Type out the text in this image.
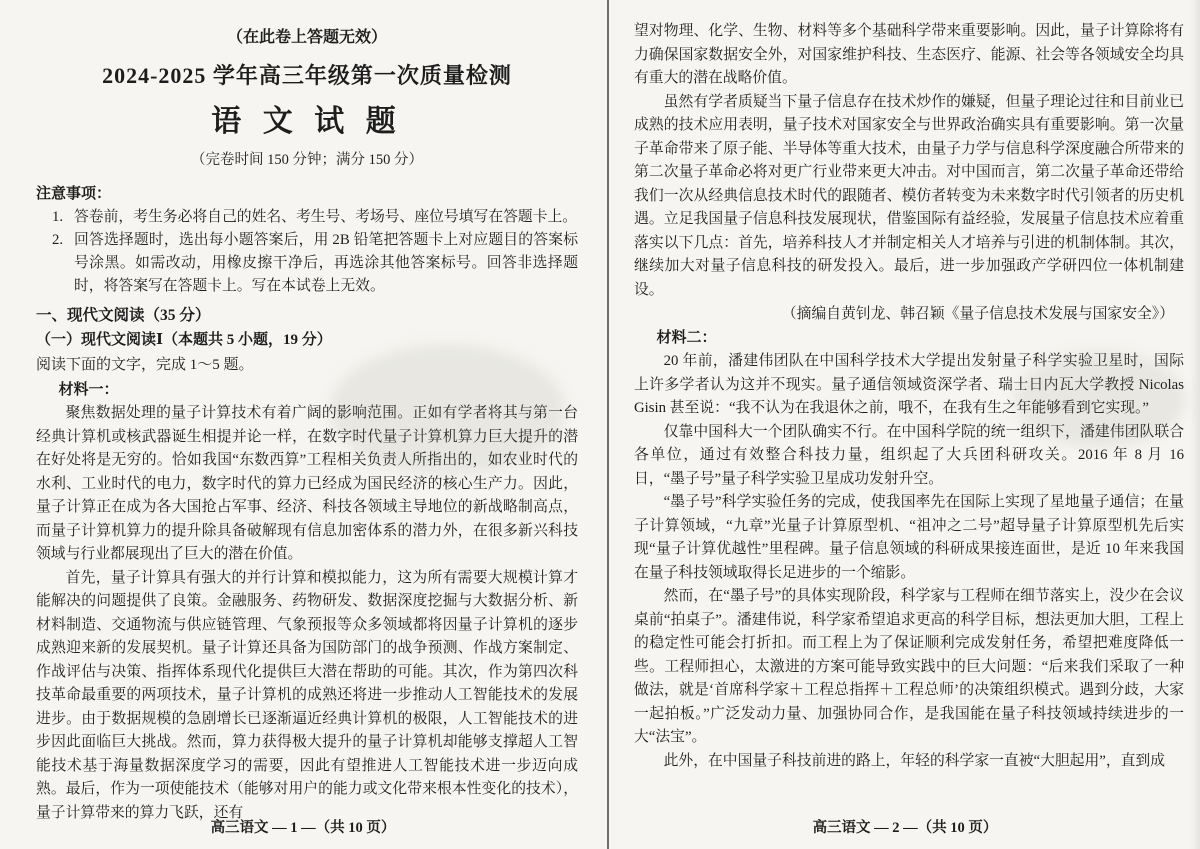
（在此卷上答题无效）
2024-2025 学年高三年级第一次质量检测
语 文 试 题
（完卷时间 150 分钟；满分 150 分）
注意事项：
1. 答卷前，考生务必将自己的姓名、考生号、考场号、座位号填写在答题卡上。
2. 回答选择题时，选出每小题答案后，用 2B 铅笔把答题卡上对应题目的答案标号涂黑。如需改动，用橡皮擦干净后，再选涂其他答案标号。回答非选择题时，将答案写在答题卡上。写在本试卷上无效。
一、现代文阅读（35 分）
（一）现代文阅读Ⅰ（本题共 5 小题，19 分）
阅读下面的文字，完成 1～5 题。
材料一：

聚焦数据处理的量子计算技术有着广阔的影响范围。正如有学者将其与第一台经典计算机或核武器诞生相提并论一样，在数字时代量子计算机算力巨大提升的潜在好处将是无穷的。恰如我国“东数西算”工程相关负责人所指出的，如农业时代的水利、工业时代的电力，数字时代的算力已经成为国民经济的核心生产力。因此，量子计算正在成为各大国抢占军事、经济、科技各领域主导地位的新战略制高点，而量子计算机算力的提升除具备破解现有信息加密体系的潜力外，在很多新兴科技领域与行业都展现出了巨大的潜在价值。

首先，量子计算具有强大的并行计算和模拟能力，这为所有需要大规模计算才能解决的问题提供了良策。金融服务、药物研发、数据深度挖掘与大数据分析、新材料制造、交通物流与供应链管理、气象预报等众多领域都将因量子计算机的逐步成熟迎来新的发展契机。量子计算还具备为国防部门的战争预测、作战方案制定、作战评估与决策、指挥体系现代化提供巨大潜在帮助的可能。其次，作为第四次科技革命最重要的两项技术，量子计算机的成熟还将进一步推动人工智能技术的发展进步。由于数据规模的急剧增长已逐渐逼近经典计算机的极限，人工智能技术的进步因此面临巨大挑战。然而，算力获得极大提升的量子计算机却能够支撑超人工智能技术基于海量数据深度学习的需要，因此有望推进人工智能技术进一步迈向成熟。最后，作为一项使能技术（能够对用户的能力或文化带来根本性变化的技术），量子计算带来的算力飞跃，还有

高三语文 — 1 —（共 10 页）

望对物理、化学、生物、材料等多个基础科学带来重要影响。因此，量子计算除将有力确保国家数据安全外，对国家维护科技、生态医疗、能源、社会等各领域安全均具有重大的潜在战略价值。

虽然有学者质疑当下量子信息存在技术炒作的嫌疑，但量子理论过往和目前业已成熟的技术应用表明，量子技术对国家安全与世界政治确实具有重要影响。第一次量子革命带来了原子能、半导体等重大技术，由量子力学与信息科学深度融合所带来的第二次量子革命必将对更广行业带来更大冲击。对中国而言，第二次量子革命还带给我们一次从经典信息技术时代的跟随者、模仿者转变为未来数字时代引领者的历史机遇。立足我国量子信息科技发展现状，借鉴国际有益经验，发展量子信息技术应着重落实以下几点：首先，培养科技人才并制定相关人才培养与引进的机制体制。其次，继续加大对量子信息科技的研发投入。最后，进一步加强政产学研四位一体机制建设。

（摘编自黄钊龙、韩召颖《量子信息技术发展与国家安全》）
材料二：

20 年前，潘建伟团队在中国科学技术大学提出发射量子科学实验卫星时，国际上许多学者认为这并不现实。量子通信领域资深学者、瑞士日内瓦大学教授 Nicolas Gisin 甚至说：“我不认为在我退休之前，哦不，在我有生之年能够看到它实现。”

仅靠中国科大一个团队确实不行。在中国科学院的统一组织下，潘建伟团队联合各单位，通过有效整合科技力量，组织起了大兵团科研攻关。2016 年 8 月 16 日，“墨子号”量子科学实验卫星成功发射升空。

“墨子号”科学实验任务的完成，使我国率先在国际上实现了星地量子通信；在量子计算领域，“九章”光量子计算原型机、“祖冲之二号”超导量子计算原型机先后实现“量子计算优越性”里程碑。量子信息领域的科研成果接连面世，是近 10 年来我国在量子科技领域取得长足进步的一个缩影。

然而，在“墨子号”的具体实现阶段，科学家与工程师在细节落实上，没少在会议桌前“拍桌子”。潘建伟说，科学家希望追求更高的科学目标，想法更加大胆，工程上的稳定性可能会打折扣。而工程上为了保证顺利完成发射任务，希望把难度降低一些。工程师担心，太激进的方案可能导致实践中的巨大问题：“后来我们采取了一种做法，就是‘首席科学家＋工程总指挥＋工程总师’的决策组织模式。遇到分歧，大家一起拍板。”广泛发动力量、加强协同合作，是我国能在量子科技领域持续进步的一大“法宝”。

此外，在中国量子科技前进的路上，年轻的科学家一直被“大胆起用”，直到成

高三语文 — 2 —（共 10 页）
